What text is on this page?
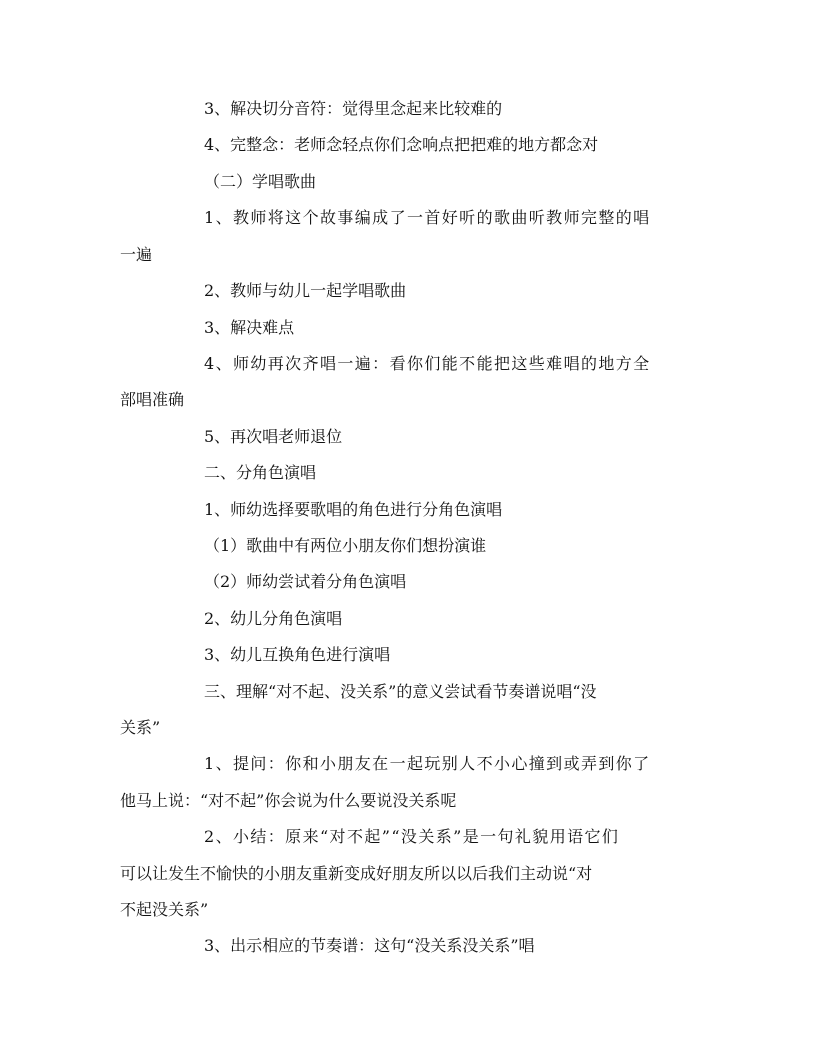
3、解决切分音符：觉得里念起来比较难的
4、完整念：老师念轻点你们念响点把把难的地方都念对
（二）学唱歌曲
1、教师将这个故事编成了一首好听的歌曲听教师完整的唱
一遍
2、教师与幼儿一起学唱歌曲
3、解决难点
4、师幼再次齐唱一遍：看你们能不能把这些难唱的地方全
部唱准确
5、再次唱老师退位
二、分角色演唱
1、师幼选择要歌唱的角色进行分角色演唱
（1）歌曲中有两位小朋友你们想扮演谁
（2）师幼尝试着分角色演唱
2、幼儿分角色演唱
3、幼儿互换角色进行演唱
三、理解“对不起、没关系”的意义尝试看节奏谱说唱“没
关系”
1、提问：你和小朋友在一起玩别人不小心撞到或弄到你了
他马上说：“对不起”你会说为什么要说没关系呢
2、小结：原来“对不起”“没关系”是一句礼貌用语它们
可以让发生不愉快的小朋友重新变成好朋友所以以后我们主动说“对
不起没关系”
3、出示相应的节奏谱：这句“没关系没关系”唱
